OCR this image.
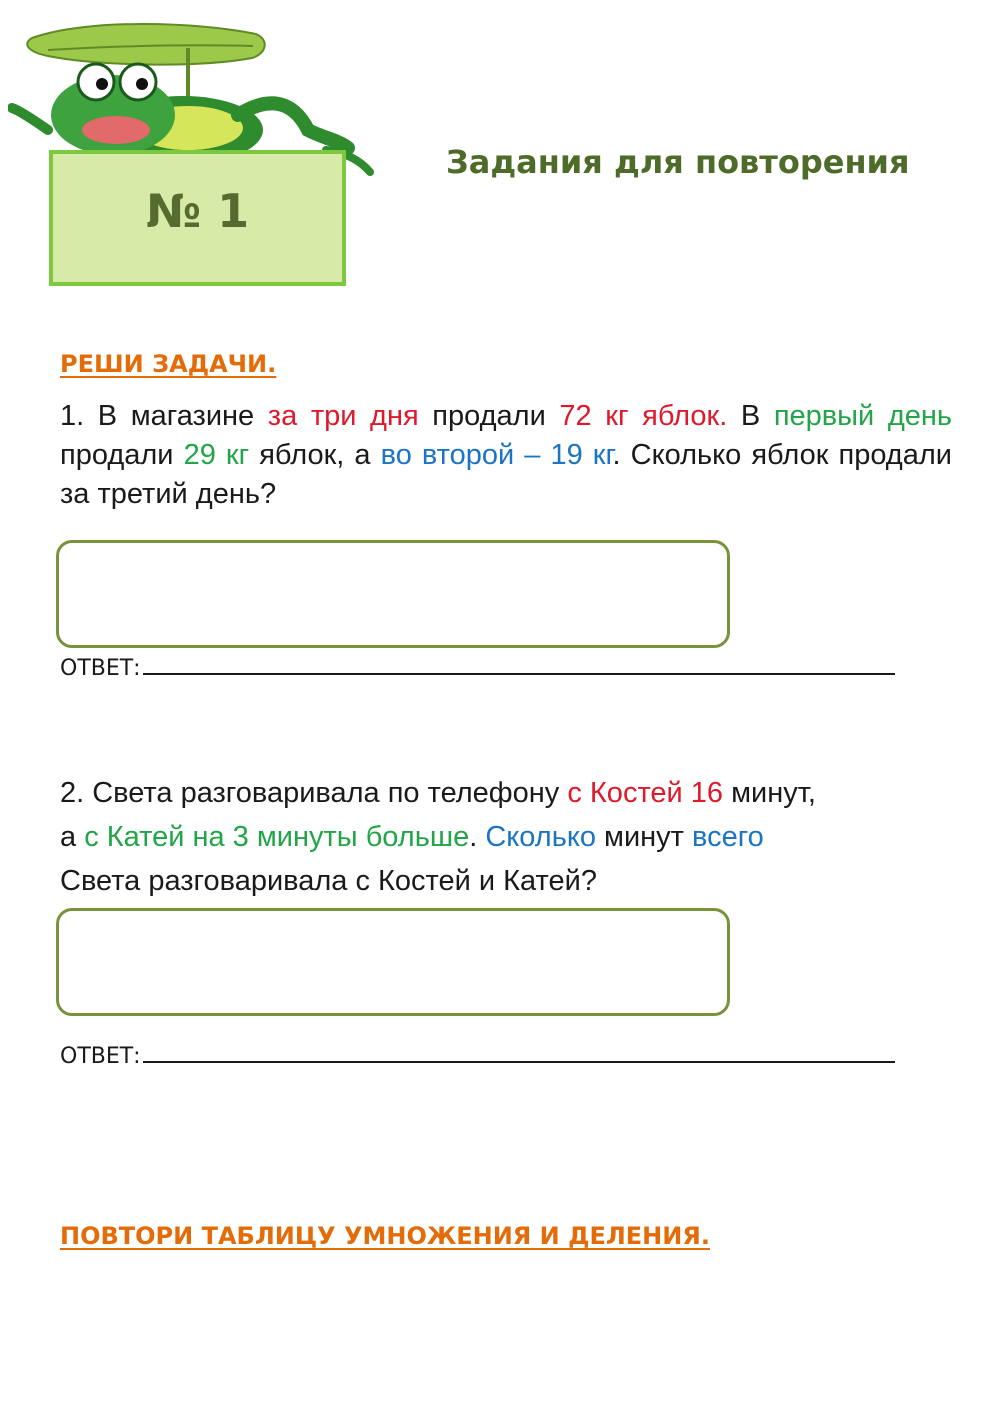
№ 1
Задания для повторения
РЕШИ ЗАДАЧИ.
1. В магазине за три дня продали 72 кг яблок. В первый день продали 29 кг яблок, а во второй – 19 кг. Сколько яблок продали за третий день?
ОТВЕТ:
2. Света разговаривала по телефону с Костей 16 минут,
а с Катей на 3 минуты больше. Сколько минут всего
Света разговаривала с Костей и Катей?
ОТВЕТ:
ПОВТОРИ ТАБЛИЦУ УМНОЖЕНИЯ И ДЕЛЕНИЯ.
